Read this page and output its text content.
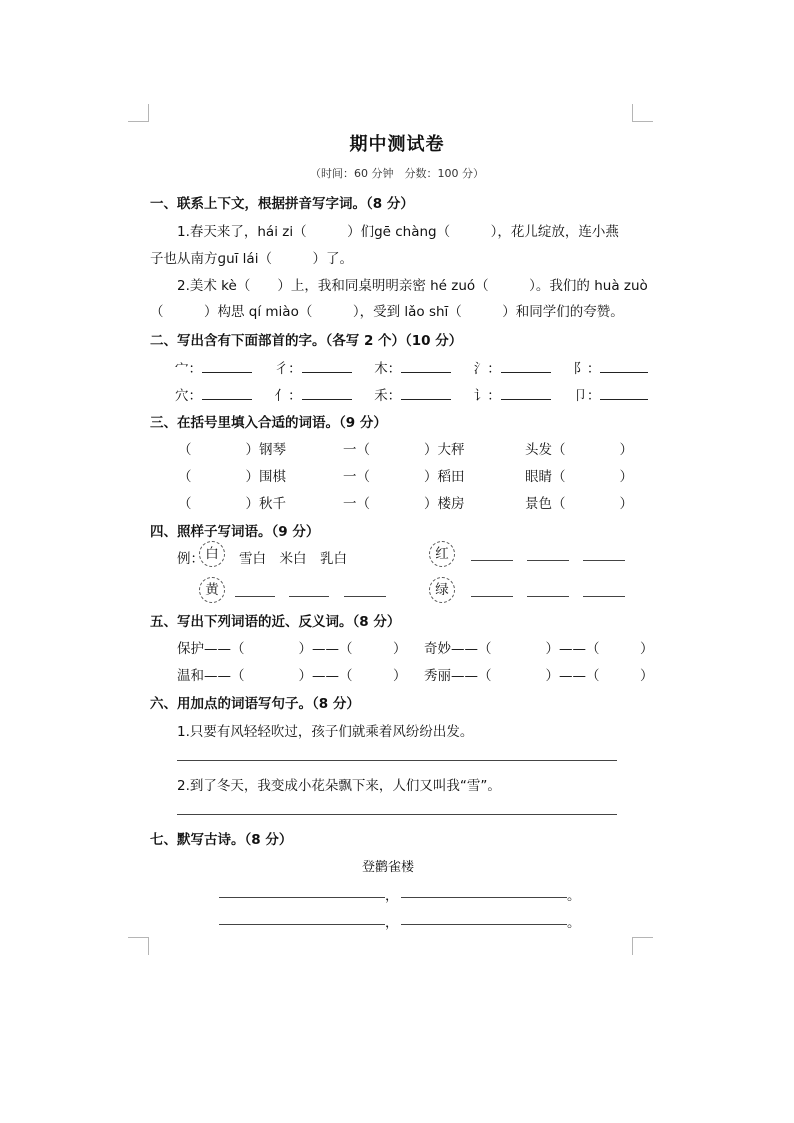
期中测试卷
（时间：60 分钟　分数：100 分）
一、联系上下文，根据拼音写字词。（8 分）
1.春天来了，hái zi（　　　）们gē chàng（　　　），花儿绽放，连小燕
子也从南方ɡuī lái（　　　）了。
2.美术 kè（　　）上，我和同桌明明亲密 hé zuó（　　　）。我们的 huà zuò
（　　　）构思 qí miào（　　　），受到 lǎo shī（　　　）和同学们的夸赞。
二、写出含有下面部首的字。（各写 2 个）（10 分）
宀：	彳：	木：	氵：	阝：
穴：	亻：	禾：	讠：	卩：
三、在括号里填入合适的词语。（9 分）
（　　　　）钢琴	一（　　　　）大秤	头发（　　　　）
（　　　　）围棋	一（　　　　）稻田	眼睛（　　　　）
（　　　　）秋千	一（　　　　）楼房	景色（　　　　）
四、照样子写词语。（9 分）
例： 白	雪白　米白　乳白	红
黄	绿
五、写出下列词语的近、反义词。（8 分）
保护——（　　　　）——（　　　） 奇妙——（　　　　）——（　　　）
温和——（　　　　）——（　　　） 秀丽——（　　　　）——（　　　）
六、用加点的词语写句子。（8 分）
1.只要有风轻轻吹过，孩子们就乘着风纷纷出发。
2.到了冬天，我变成小花朵飘下来，人们又叫我“雪”。
七、默写古诗。（8 分）
登鹳雀楼
，	。
，	。
